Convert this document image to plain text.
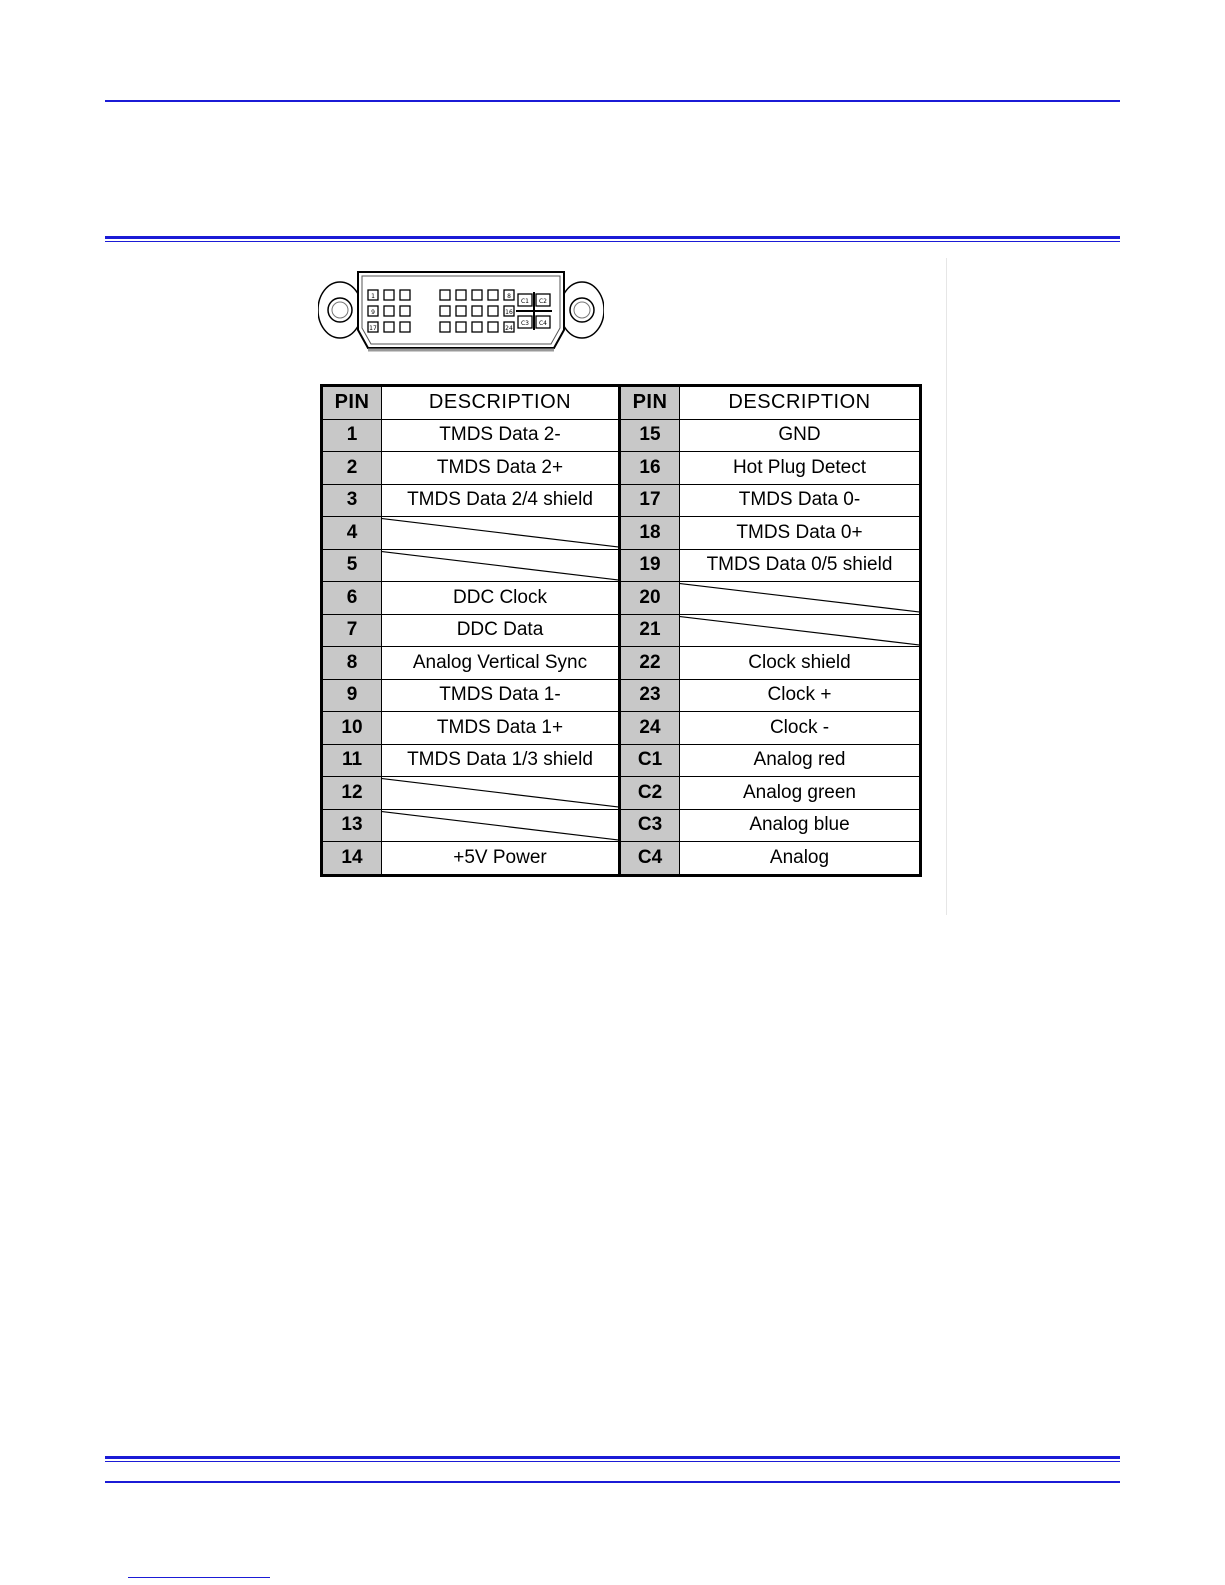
1
9
17
8
16
24
C1 C2
C3 C4
PIN	DESCRIPTION	PIN	DESCRIPTION
1	TMDS Data 2-	15	GND
2	TMDS Data 2+	16	Hot Plug Detect
3	TMDS Data 2/4 shield	17	TMDS Data 0-
4		18	TMDS Data 0+
5		19	TMDS Data 0/5 shield
6	DDC Clock	20	

7	DDC Data	21	

8	Analog Vertical Sync	22	Clock shield
9	TMDS Data 1-	23	Clock +
10	TMDS Data 1+	24	Clock -
11	TMDS Data 1/3 shield	C1	Analog red
12		C2	Analog green
13		C3	Analog blue
14	+5V Power	C4	Analog
